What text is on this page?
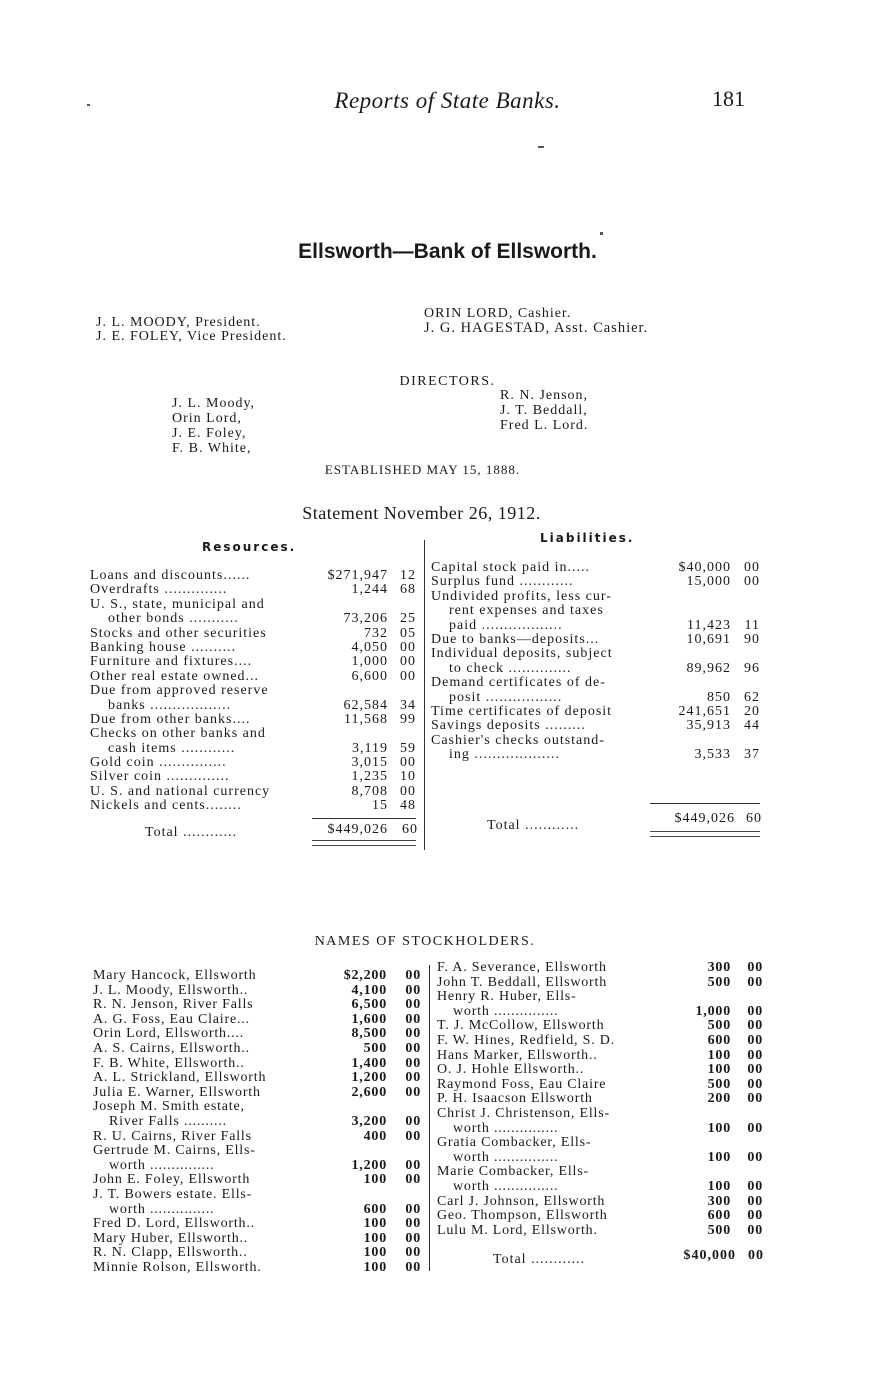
Reports of State Banks.	181
Ellsworth—Bank of Ellsworth.
J. L. MOODY, President.
J. E. FOLEY, Vice President.
ORIN LORD, Cashier.
J. G. HAGESTAD, Asst. Cashier.
DIRECTORS.
J. L. Moody,
Orin Lord,
J. E. Foley,
F. B. White,
R. N. Jenson,
J. T. Beddall,
Fred L. Lord.
ESTABLISHED MAY 15, 1888.
Statement November 26, 1912.
Resources.
Loans and discounts......	$271,947 12
Overdrafts ..............	1,244 68
U. S., state, municipal and
other bonds ...........	73,206 25
Stocks and other securities	732 05
Banking house ..........	4,050 00
Furniture and fixtures....	1,000 00
Other real estate owned...	6,600 00
Due from approved reserve
banks ..................	62,584 34
Due from other banks....	11,568 99
Checks on other banks and
cash items ............	3,119 59
Gold coin ...............	3,015 00
Silver coin ..............	1,235 10
U. S. and national currency	8,708 00
Nickels and cents........	15 48
Total ............	$449,026	60
Liabilities.
Capital stock paid in.....	$40,000 00
Surplus fund ............	15,000 00
Undivided profits, less cur-
rent expenses and taxes
paid ..................	11,423 11
Due to banks—deposits...	10,691 90
Individual deposits, subject
to check ..............	89,962 96
Demand certificates of de-
posit .................	850 62
Time certificates of deposit	241,651 20
Savings deposits .........	35,913 44
Cashier's checks outstand-
ing ...................	3,533 37
Total ............	$449,026 60
NAMES OF STOCKHOLDERS.
Mary Hancock, Ellsworth	$2,200	00
J. L. Moody, Ellsworth..	4,100	00
R. N. Jenson, River Falls	6,500	00
A. G. Foss, Eau Claire...	1,600	00
Orin Lord, Ellsworth....	8,500	00
A. S. Cairns, Ellsworth..	500	00
F. B. White, Ellsworth..	1,400	00
A. L. Strickland, Ellsworth	1,200	00
Julia E. Warner, Ellsworth	2,600	00
Joseph M. Smith estate,
River Falls ..........	3,200	00
R. U. Cairns, River Falls	400	00
Gertrude M. Cairns, Ells-
worth ...............	1,200	00
John E. Foley, Ellsworth	100	00
J. T. Bowers estate. Ells-
worth ...............	600	00
Fred D. Lord, Ellsworth..	100	00
Mary Huber, Ellsworth..	100	00
R. N. Clapp, Ellsworth..	100	00
Minnie Rolson, Ellsworth.	100	00
F. A. Severance, Ellsworth	300	00
John T. Beddall, Ellsworth	500	00
Henry R. Huber, Ells-
worth ...............	1,000	00
T. J. McCollow, Ellsworth	500	00
F. W. Hines, Redfield, S. D.	600	00
Hans Marker, Ellsworth..	100	00
O. J. Hohle Ellsworth..	100	00
Raymond Foss, Eau Claire	500	00
P. H. Isaacson Ellsworth	200	00
Christ J. Christenson, Ells-
worth ...............	100	00
Gratia Combacker, Ells-
worth ...............	100	00
Marie Combacker, Ells-
worth ...............	100	00
Carl J. Johnson, Ellsworth	300	00
Geo. Thompson, Ellsworth	600	00
Lulu M. Lord, Ellsworth.	500	00
Total ............	$40,000 00
